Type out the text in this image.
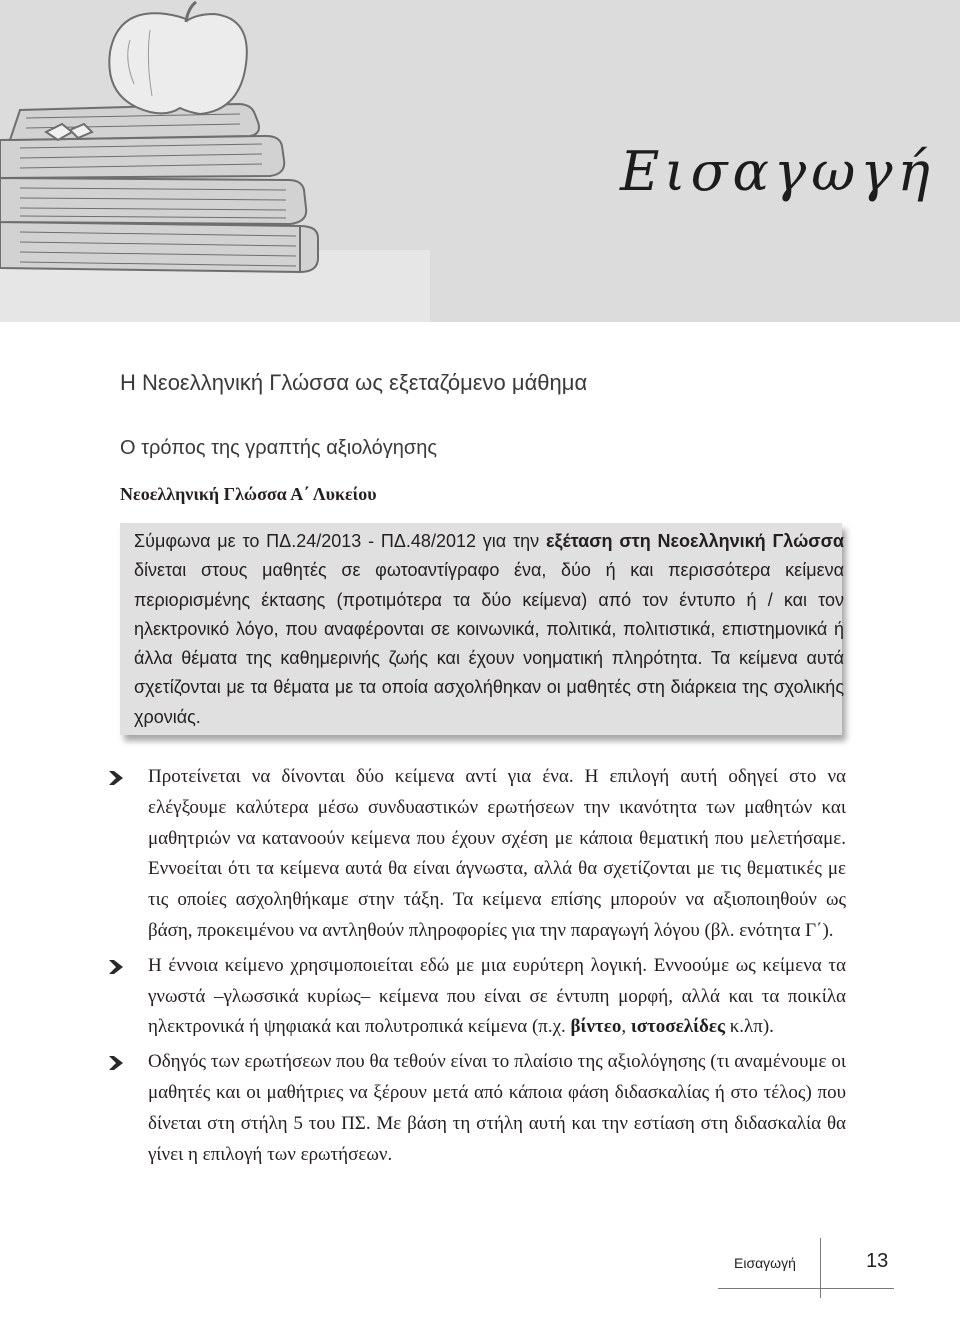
Εισαγωγή
Η Νεοελληνική Γλώσσα ως εξεταζόμενο μάθημα
Ο τρόπος της γραπτής αξιολόγησης
Νεοελληνική Γλώσσα Α΄ Λυκείου
Σύμφωνα με το ΠΔ.24/2013 - ΠΔ.48/2012 για την εξέταση στη Νεοελληνική Γλώσσα δίνεται στους μαθητές σε φωτοαντίγραφο ένα, δύο ή και περισσότερα κείμενα περιορισμένης έκτασης (προτιμότερα τα δύο κείμενα) από τον έντυπο ή / και τον ηλεκτρονικό λόγο, που αναφέρονται σε κοινωνικά, πολιτικά, πολιτιστικά, επιστημονικά ή άλλα θέματα της καθημερινής ζωής και έχουν νοηματική πληρότητα. Τα κείμενα αυτά σχετίζονται με τα θέματα με τα οποία ασχολήθηκαν οι μαθητές στη διάρκεια της σχολικής χρονιάς.
Προτείνεται να δίνονται δύο κείμενα αντί για ένα. Η επιλογή αυτή οδηγεί στο να ελέγξουμε καλύτερα μέσω συνδυαστικών ερωτήσεων την ικανότητα των μαθητών και μαθητριών να κατανοούν κείμενα που έχουν σχέση με κάποια θεματική που μελετήσαμε. Εννοείται ότι τα κείμενα αυτά θα είναι άγνωστα, αλλά θα σχετίζονται με τις θεματικές με τις οποίες ασχοληθήκαμε στην τάξη. Τα κείμενα επίσης μπορούν να αξιοποιηθούν ως βάση, προκειμένου να αντληθούν πληροφορίες για την παραγωγή λόγου (βλ. ενότητα Γ΄).
Η έννοια κείμενο χρησιμοποιείται εδώ με μια ευρύτερη λογική. Εννοούμε ως κείμενα τα γνωστά –γλωσσικά κυρίως– κείμενα που είναι σε έντυπη μορφή, αλλά και τα ποικίλα ηλεκτρονικά ή ψηφιακά και πολυτροπικά κείμενα (π.χ. βίντεο, ιστοσελίδες κ.λπ).
Οδηγός των ερωτήσεων που θα τεθούν είναι το πλαίσιο της αξιολόγησης (τι αναμένουμε οι μαθητές και οι μαθήτριες να ξέρουν μετά από κάποια φάση διδασκαλίας ή στο τέλος) που δίνεται στη στήλη 5 του ΠΣ. Με βάση τη στήλη αυτή και την εστίαση στη διδασκαλία θα γίνει η επιλογή των ερωτήσεων.
Εισαγωγή	13
